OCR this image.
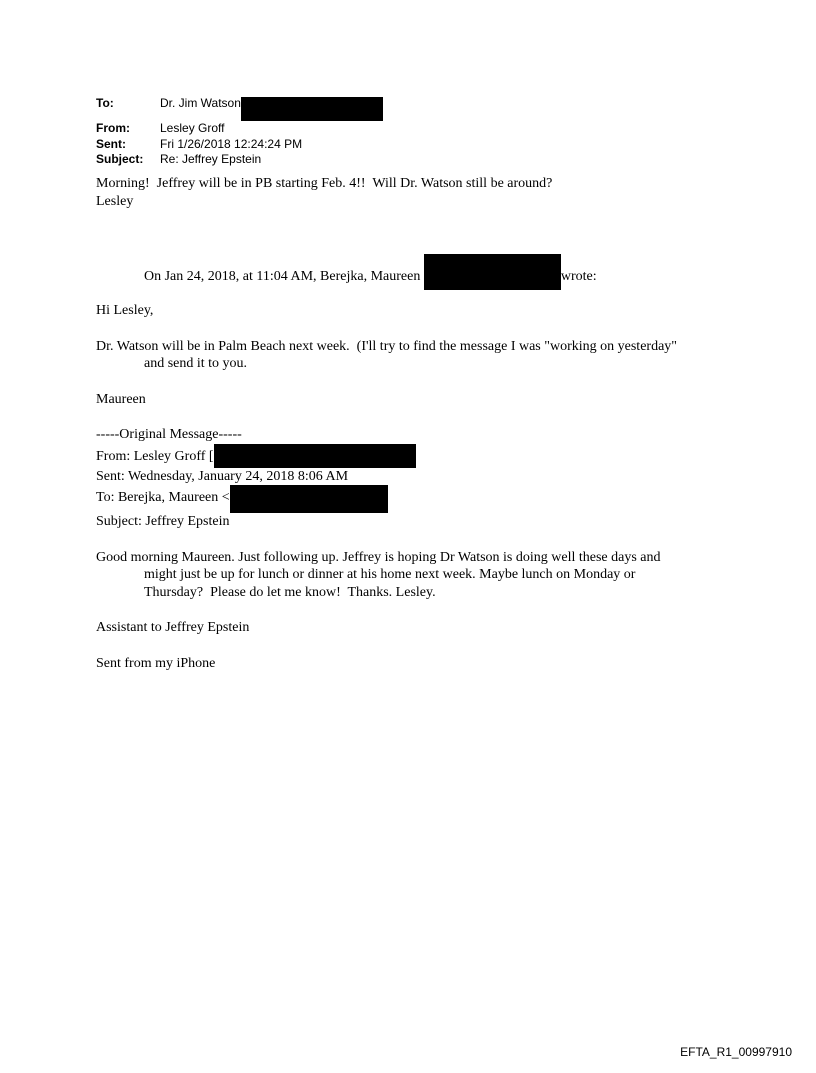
To:	Dr. Jim Watson
From:	Lesley Groff
Sent:	Fri 1/26/2018 12:24:24 PM
Subject:	Re: Jeffrey Epstein
Morning!  Jeffrey will be in PB starting Feb. 4!!  Will Dr. Watson still be around?
Lesley
On Jan 24, 2018, at 11:04 AM, Berejka, Maureen	wrote:
Hi Lesley,
Dr. Watson will be in Palm Beach next week.  (I'll try to find the message I was "working on yesterday" and send it to you.
Maureen
-----Original Message-----
From: Lesley Groff [
Sent: Wednesday, January 24, 2018 8:06 AM
To: Berejka, Maureen <
Subject: Jeffrey Epstein
Good morning Maureen. Just following up. Jeffrey is hoping Dr Watson is doing well these days and might just be up for lunch or dinner at his home next week. Maybe lunch on Monday or Thursday?  Please do let me know!  Thanks. Lesley.
Assistant to Jeffrey Epstein
Sent from my iPhone
EFTA_R1_00997910
